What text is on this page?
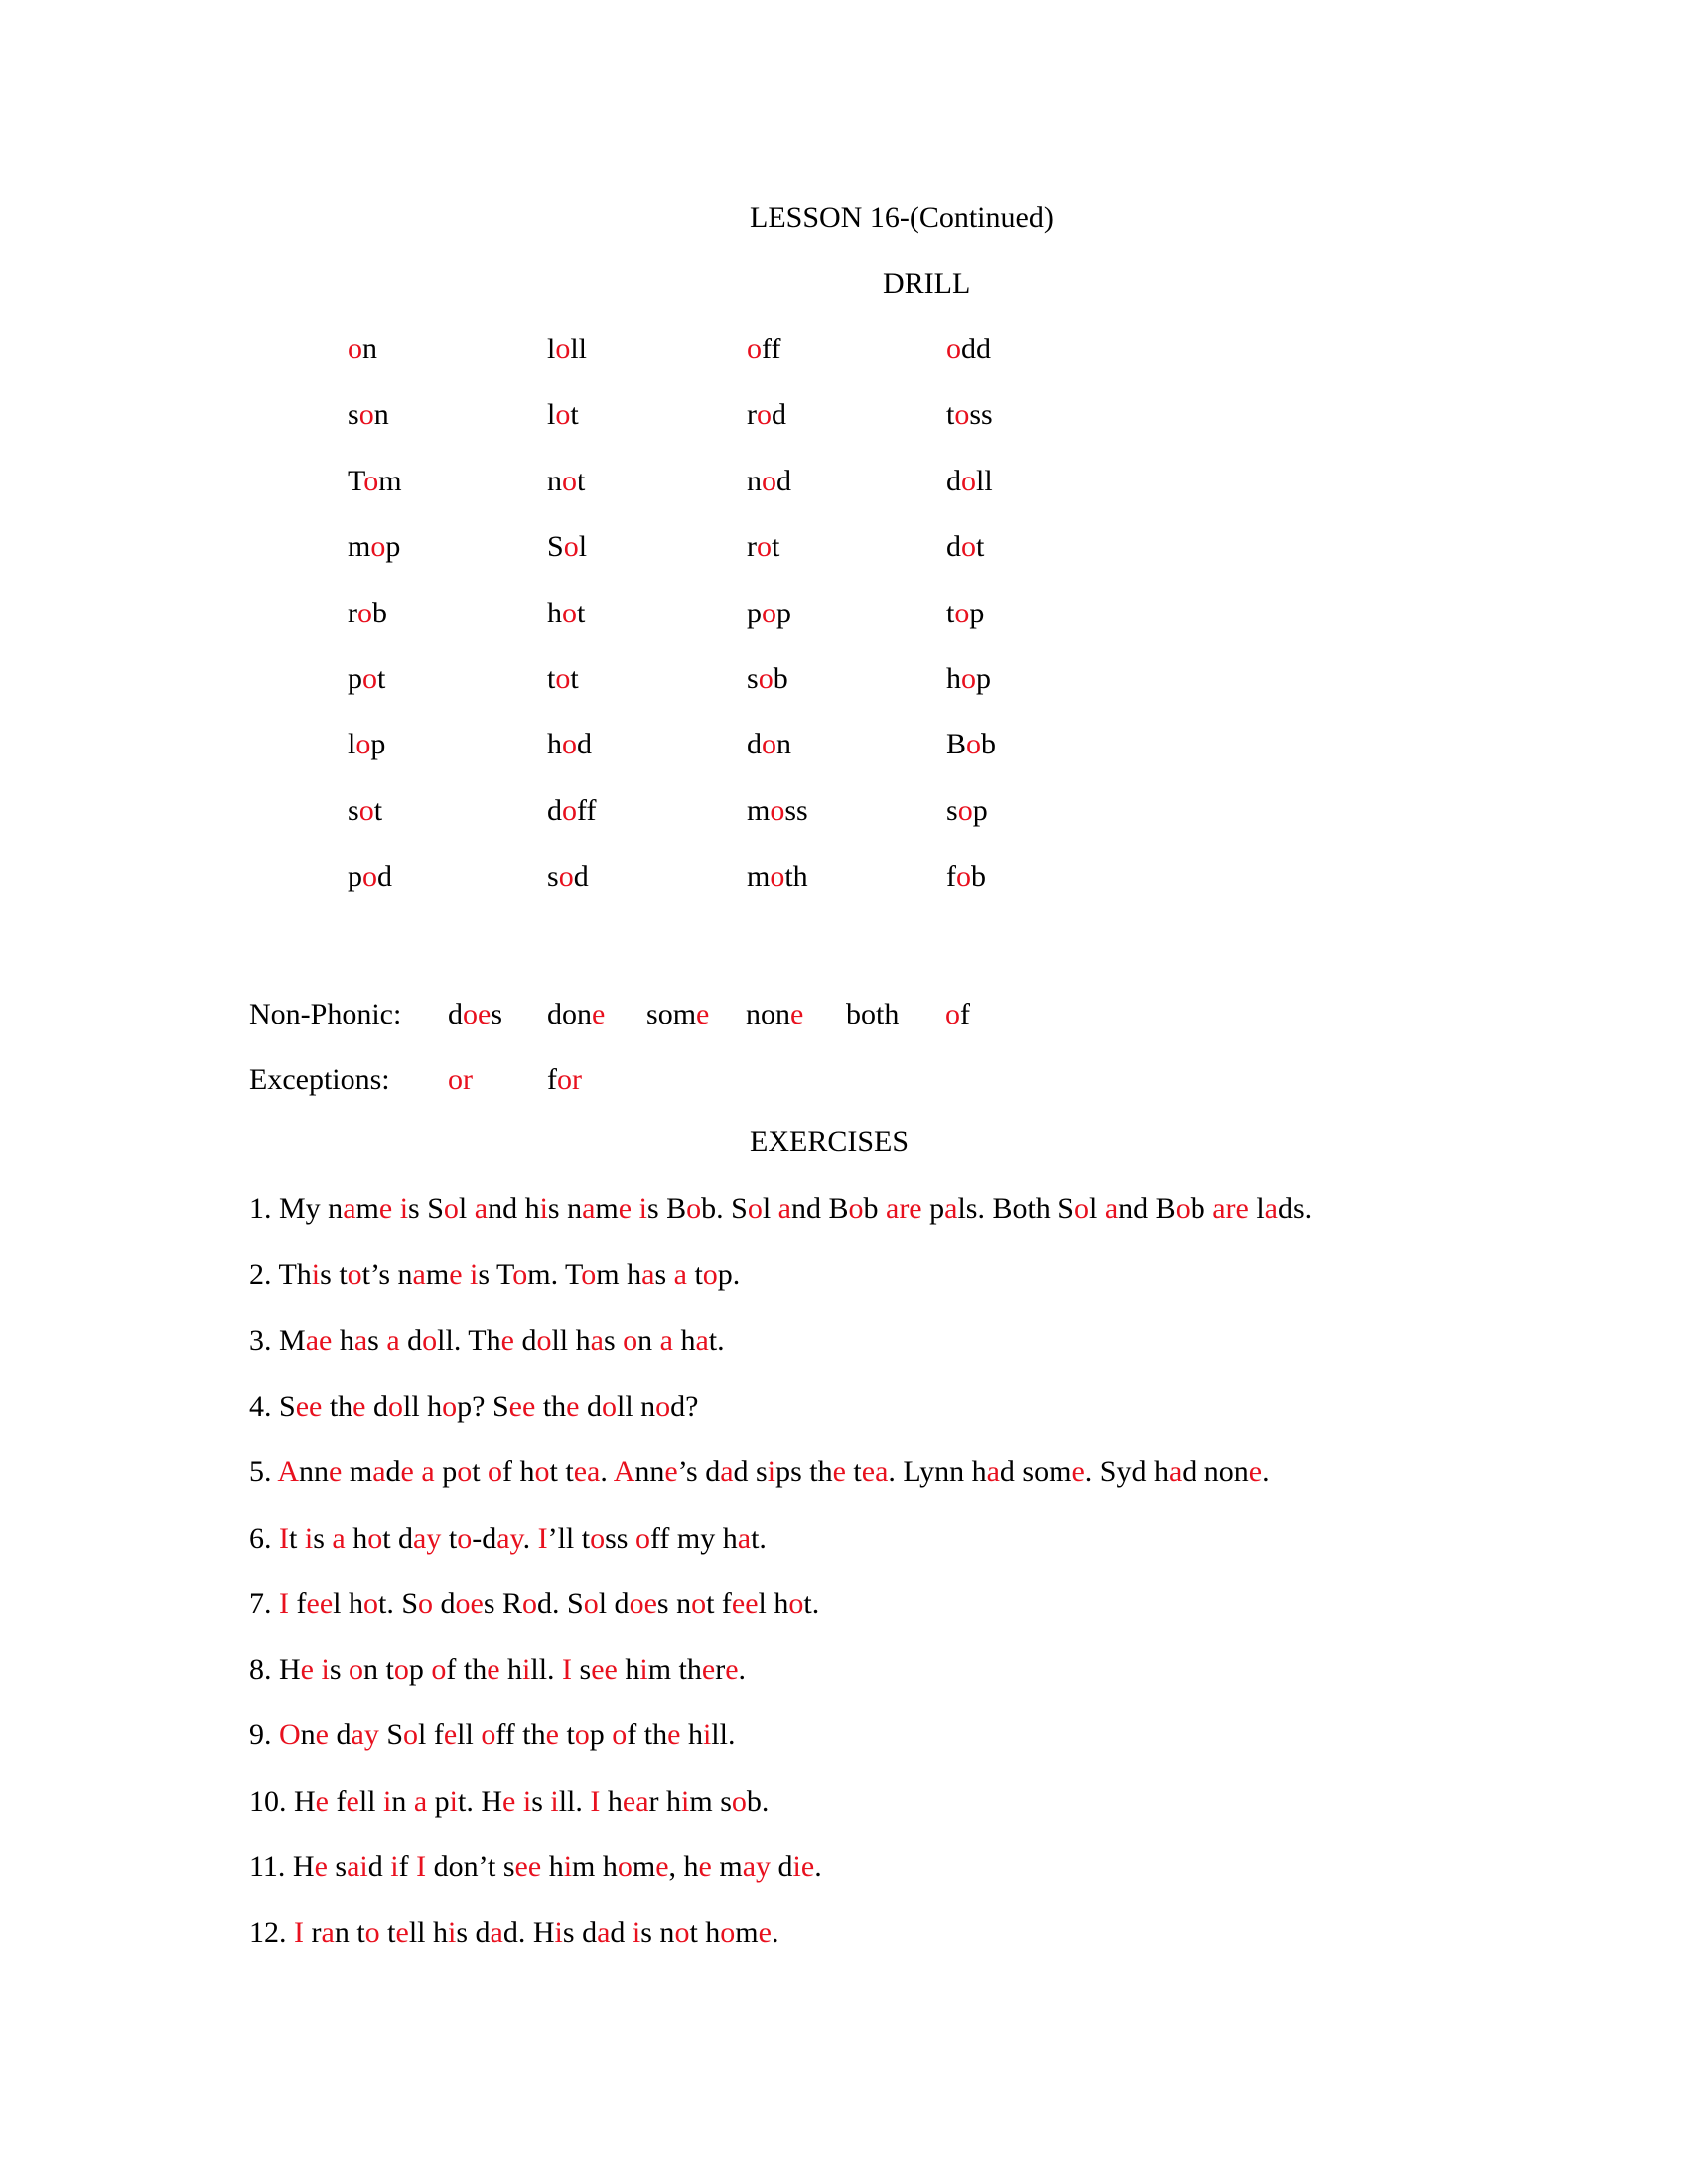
LESSON 16-(Continued)
DRILL
on	loll	off	odd
son	lot	rod	toss
Tom	not	nod	doll
mop	Sol	rot	dot
rob	hot	pop	top
pot	tot	sob	hop
lop	hod	don	Bob
sot	doff	moss	sop
pod	sod	moth	fob
Non-Phonic: does done some none both of
Exceptions: or	for
EXERCISES
1. My name is Sol and his name is Bob. Sol and Bob are pals. Both Sol and Bob are lads.
2. This tot’s name is Tom. Tom has a top.
3. Mae has a doll. The doll has on a hat.
4. See the doll hop? See the doll nod?
5. Anne made a pot of hot tea. Anne’s dad sips the tea. Lynn had some. Syd had none.
6. It is a hot day to-day. I’ll toss off my hat.
7. I feel hot. So does Rod. Sol does not feel hot.
8. He is on top of the hill. I see him there.
9. One day Sol fell off the top of the hill.
10. He fell in a pit. He is ill. I hear him sob.
11. He said if I don’t see him home, he may die.
12. I ran to tell his dad. His dad is not home.
